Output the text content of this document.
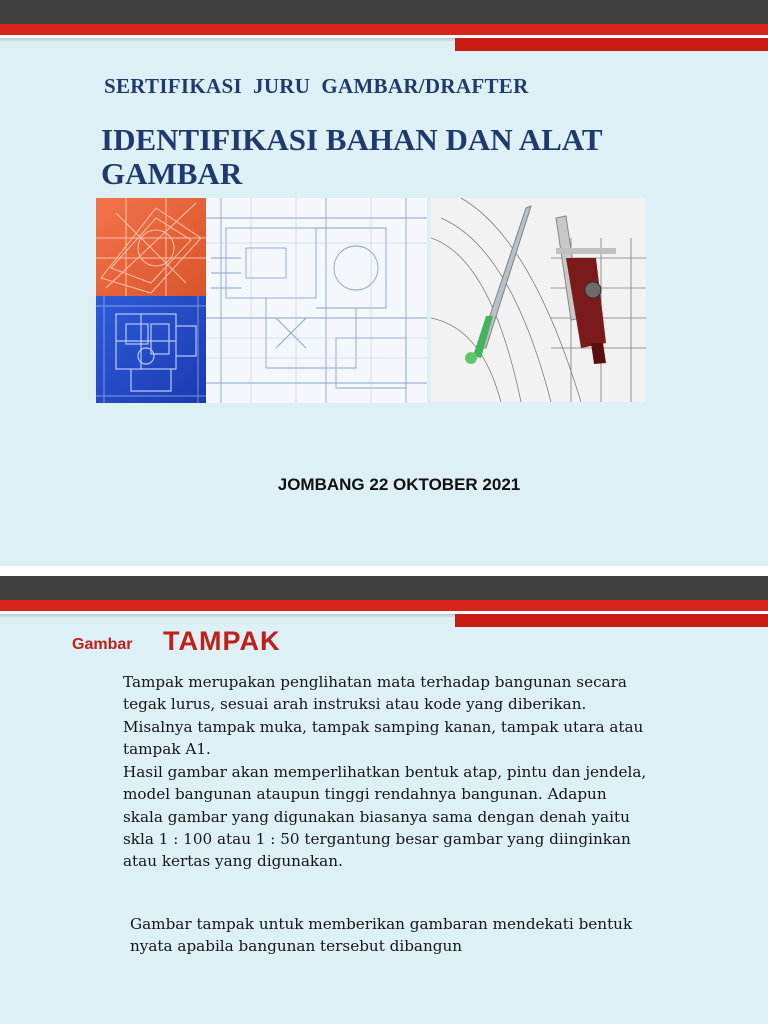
SERTIFIKASI  JURU  GAMBAR/DRAFTER
IDENTIFIKASI BAHAN DAN ALAT
GAMBAR
JOMBANG 22 OKTOBER 2021
Gambar TAMPAK
Tampak merupakan penglihatan mata terhadap bangunan secara
tegak lurus, sesuai arah instruksi atau kode yang diberikan.
Misalnya tampak muka, tampak samping kanan, tampak utara atau
tampak A1.
Hasil gambar akan memperlihatkan bentuk atap, pintu dan jendela,
model bangunan ataupun tinggi rendahnya bangunan. Adapun
skala gambar yang digunakan biasanya sama dengan denah yaitu
skla 1 : 100 atau 1 : 50 tergantung besar gambar yang diinginkan
atau kertas yang digunakan.
Gambar tampak untuk memberikan gambaran mendekati bentuk
nyata apabila bangunan tersebut dibangun
